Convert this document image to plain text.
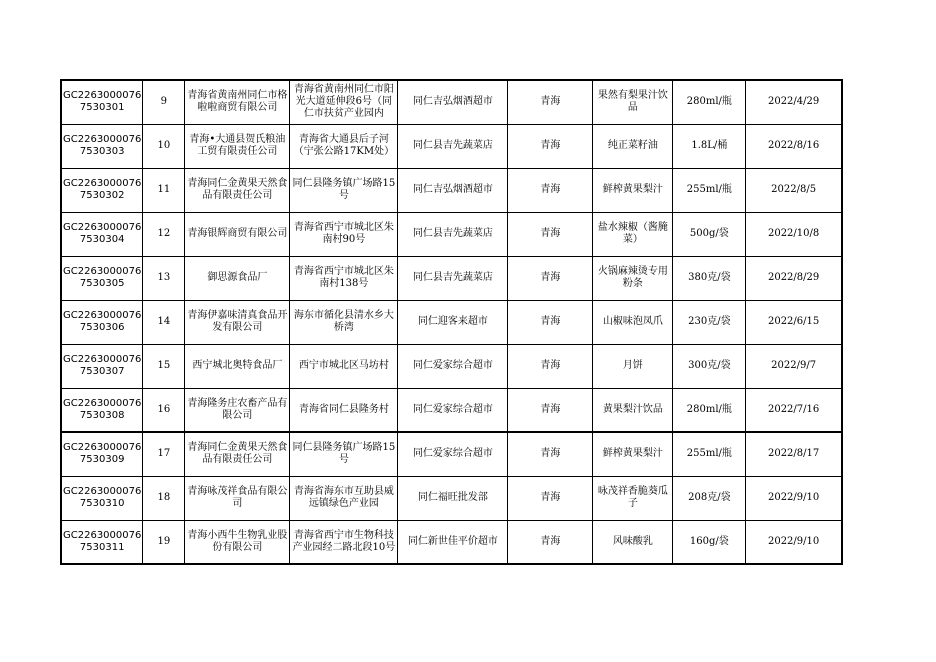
GC2263000076
7530301	9	青海省黄南州同仁市格啦啦商贸有限公司	青海省黄南州同仁市阳光大道延伸段6号（同仁市扶贫产业园内	同仁吉弘烟酒超市	青海	果然有梨果汁饮品	280ml/瓶	2022/4/29
GC2263000076
7530303	10	青海•大通县贺氏粮油工贸有限责任公司	青海省大通县后子河（宁张公路17KM处）	同仁县吉先蔬菜店	青海	纯正菜籽油	1.8L/桶	2022/8/16
GC2263000076
7530302	11	青海同仁金黄果天然食品有限责任公司	同仁县隆务镇广场路15号	同仁吉弘烟酒超市	青海	鲜榨黄果梨汁	255ml/瓶	2022/8/5
GC2263000076
7530304	12	青海银辉商贸有限公司	青海省西宁市城北区朱南村90号	同仁县吉先蔬菜店	青海	盐水辣椒（酱腌菜）	500g/袋	2022/10/8
GC2263000076
7530305	13	御思源食品厂	青海省西宁市城北区朱南村138号	同仁县吉先蔬菜店	青海	火锅麻辣烫专用粉条	380克/袋	2022/8/29
GC2263000076
7530306	14	青海伊嘉味清真食品开发有限公司	海东市循化县清水乡大桥湾	同仁迎客来超市	青海	山椒味泡凤爪	230克/袋	2022/6/15
GC2263000076
7530307	15	西宁城北奥特食品厂	西宁市城北区马坊村	同仁爱家综合超市	青海	月饼	300克/袋	2022/9/7
GC2263000076
7530308	16	青海隆务庄农畜产品有限公司	青海省同仁县隆务村	同仁爱家综合超市	青海	黄果梨汁饮品	280ml/瓶	2022/7/16
GC2263000076
7530309	17	青海同仁金黄果天然食品有限责任公司	同仁县隆务镇广场路15号	同仁爱家综合超市	青海	鲜榨黄果梨汁	255ml/瓶	2022/8/17
GC2263000076
7530310	18	青海咏茂祥食品有限公司	青海省海东市互助县威远镇绿色产业园	同仁福旺批发部	青海	咏茂祥香脆葵瓜子	208克/袋	2022/9/10
GC2263000076
7530311	19	青海小西牛生物乳业股份有限公司	青海省西宁市生物科技产业园经二路北段10号	同仁新世佳平价超市	青海	风味酸乳	160g/袋	2022/9/10
